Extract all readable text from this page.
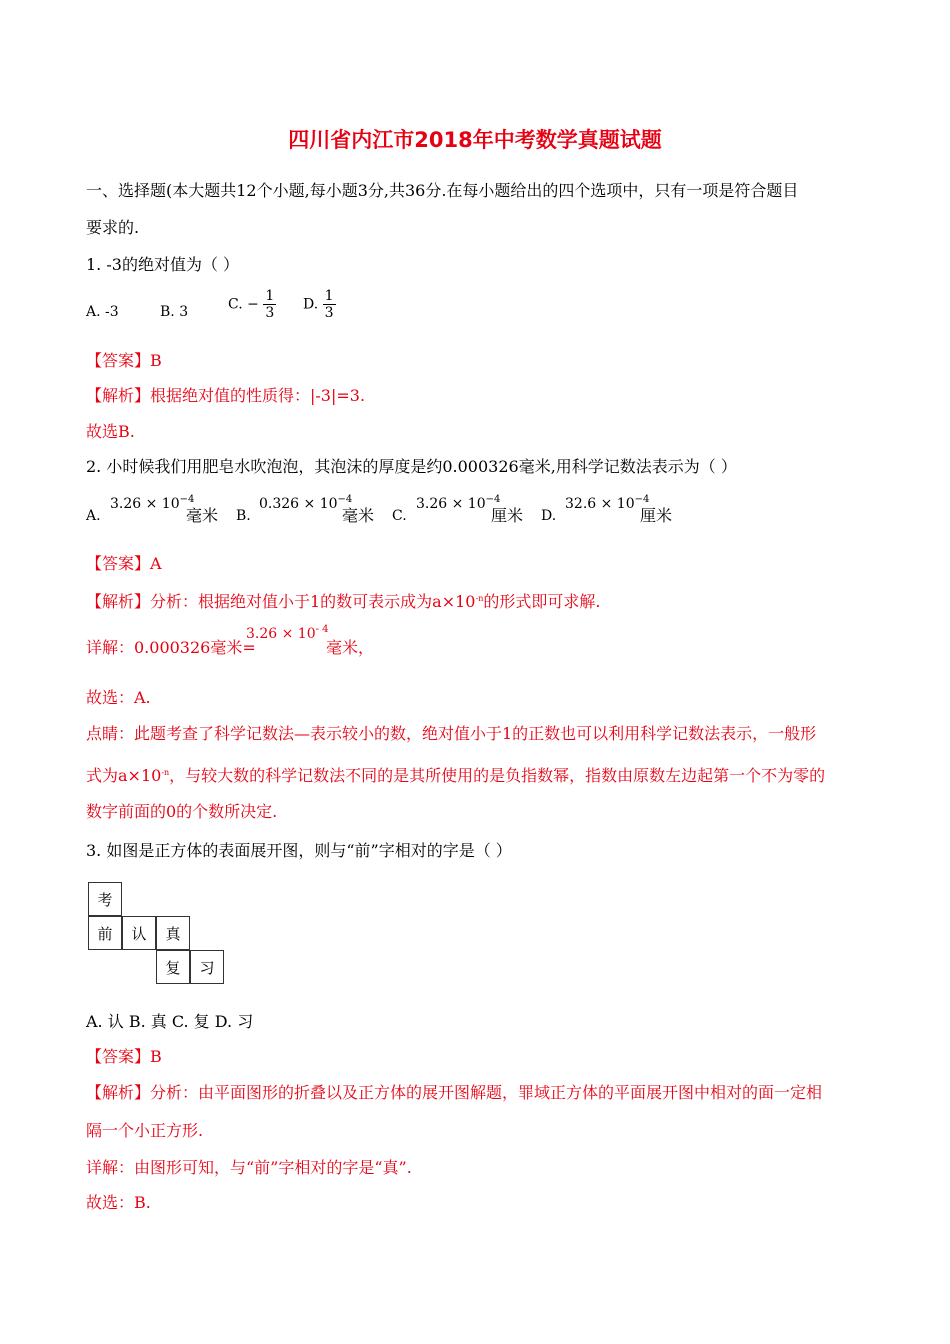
四川省内江市2018年中考数学真题试题
一、选择题(本大题共12个小题,每小题3分,共36分.在每小题给出的四个选项中，只有一项是符合题目
要求的.
1. -3的绝对值为（ ）
A. -3	B. 3	C. − $\frac{1}{3} D$. $\frac{1}{3}$
【答案】B
【解析】根据绝对值的性质得：|-3|=3.
故选B.
2. 小时候我们用肥皂水吹泡泡，其泡沫的厚度是约0.000326毫米,用科学记数法表示为（ ）
A.
$3.26 \times 10^{-4}$
毫米 B.
$0.326 \times 10^{-4}$
毫米 C.
$3.26 \times 10^{-4}$
厘米 D.
$32.6 \times 10^{-4}$
厘米
【答案】A
【解析】分析：根据绝对值小于1的数可表示成为$a\times 10^{-n}$的形式即可求解.
详解：0.000326毫米=
$3.26 \times 10^{- 4}$
毫米，
故选：A.
点睛：此题考查了科学记数法—表示较小的数，绝对值小于1的正数也可以利用科学记数法表示，一般形
式为$a\times 10^{-n}$，与较大数的科学记数法不同的是其所使用的是负指数幂，指数由原数左边起第一个不为零的
数字前面的0的个数所决定.
3. 如图是正方体的表面展开图，则与“前”字相对的字是（ ）
考
前	认	真
复	习
A. 认 B. 真 C. 复 D. 习
【答案】B
【解析】分析：由平面图形的折叠以及正方体的展开图解题，罪域正方体的平面展开图中相对的面一定相
隔一个小正方形.
详解：由图形可知，与“前”字相对的字是“真”.
故选：B.
